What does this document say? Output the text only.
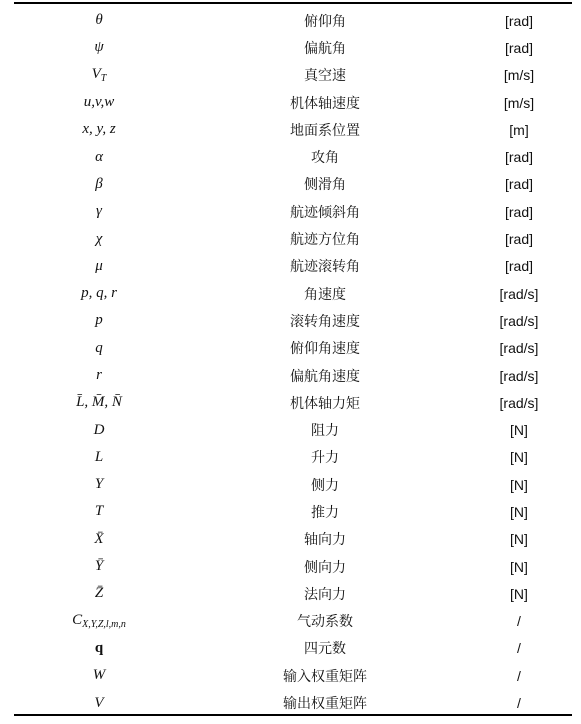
θ	俯仰角	[rad]
ψ	偏航角	[rad]
$V_T$	真空速	[m/s]
u,v,w	机体轴速度	[m/s]
x, y, z	地面系位置	[m]
α	攻角	[rad]
β	侧滑角	[rad]
γ	航迹倾斜角	[rad]
χ	航迹方位角	[rad]
μ	航迹滚转角	[rad]
p, q, r	角速度	[rad/s]
p	滚转角速度	[rad/s]
q	俯仰角速度	[rad/s]
r	偏航角速度	[rad/s]
L̄, M̄, N̄	机体轴力矩	[rad/s]
D	阻力	[N]
L	升力	[N]
Y	侧力	[N]
T	推力	[N]
X̄	轴向力	[N]
Ȳ	侧向力	[N]
Z̄	法向力	[N]
$C_{X,Y,Z,l,m,n}$	气动系数	/
q	四元数	/
W	输入权重矩阵	/
V	输出权重矩阵	/
